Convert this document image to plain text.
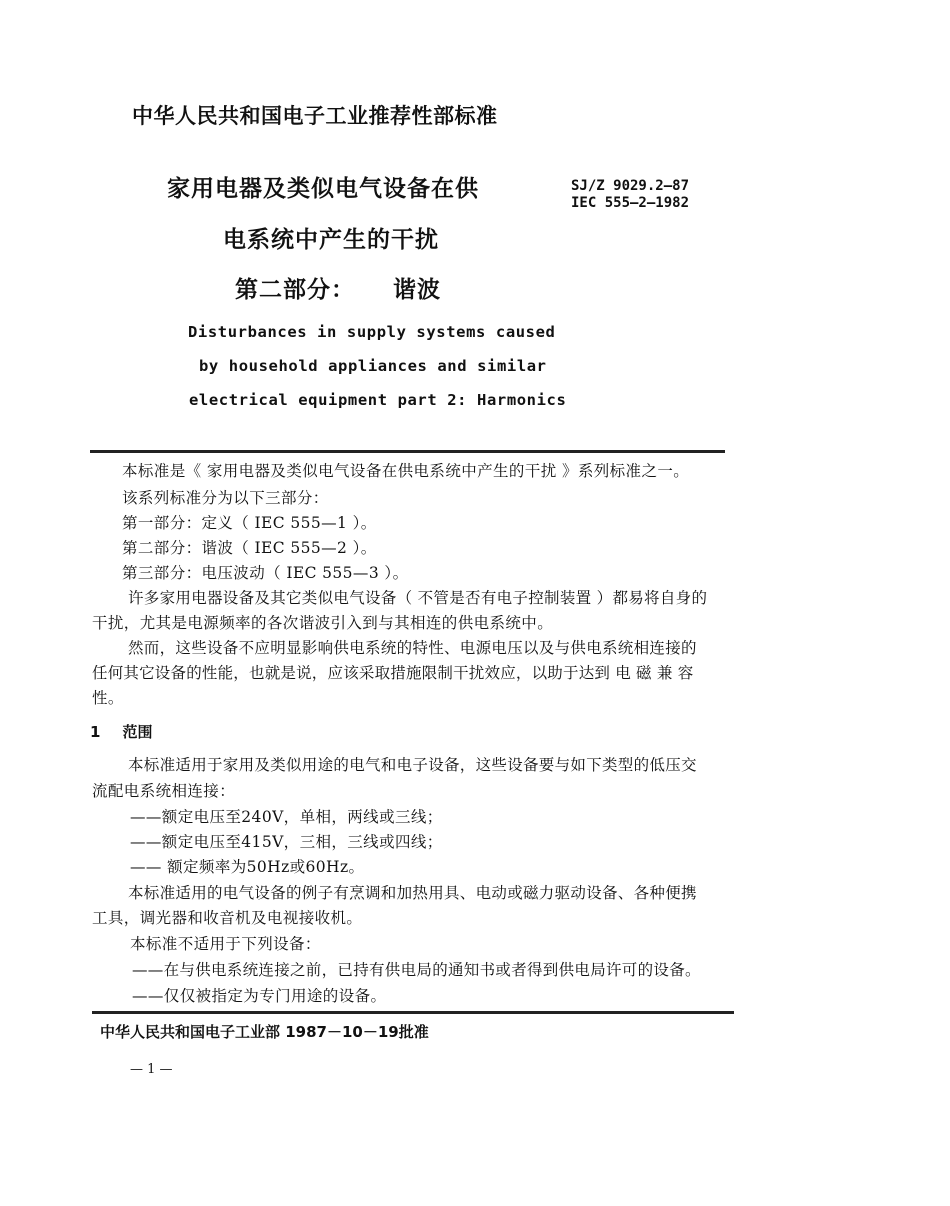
中华人民共和国电子工业推荐性部标准
家用电器及类似电气设备在供
电系统中产生的干扰
第二部分： 谐波
SJ/Z 9029.2—87
IEC 555—2—1982
Disturbances in supply systems caused
by household appliances and similar
electrical equipment part 2: Harmonics
本标准是《 家用电器及类似电气设备在供电系统中产生的干扰 》系列标准之一。
该系列标准分为以下三部分：
第一部分：定义（ IEC 555—1 ）。
第二部分：谐波（ IEC 555—2 ）。
第三部分：电压波动（ IEC 555—3 ）。
许多家用电器设备及其它类似电气设备（ 不管是否有电子控制装置 ）都易将自身的
干扰，尤其是电源频率的各次谐波引入到与其相连的供电系统中。
然而，这些设备不应明显影响供电系统的特性、电源电压以及与供电系统相连接的
任何其它设备的性能，也就是说，应该采取措施限制干扰效应，以助于达到 电 磁 兼 容
性。
1 范围
本标准适用于家用及类似用途的电气和电子设备，这些设备要与如下类型的低压交
流配电系统相连接：
——额定电压至240V，单相，两线或三线；
——额定电压至415V，三相，三线或四线；
—— 额定频率为50Hz或60Hz。
本标准适用的电气设备的例子有烹调和加热用具、电动或磁力驱动设备、各种便携
工具，调光器和收音机及电视接收机。
本标准不适用于下列设备：
——在与供电系统连接之前，已持有供电局的通知书或者得到供电局许可的设备。
——仅仅被指定为专门用途的设备。
中华人民共和国电子工业部 1987－10－19批准
— 1 —
